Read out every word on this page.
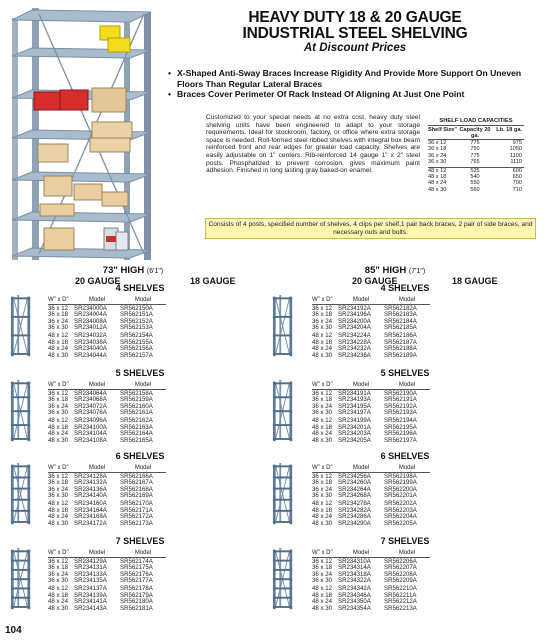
HEAVY DUTY 18 & 20 GAUGE
INDUSTRIAL STEEL SHELVING
At Discount Prices
• X-Shaped Anti-Sway Braces Increase Rigidity And Provide More Support On Uneven Floors Than Regular Lateral Braces
• Braces Cover Perimeter Of Rack Instead Of Aligning At Just One Point
Customized to your special needs at no extra cost, heavy duty steel shelving units have been engineered to adapt to your storage requirements. Ideal for stockroom, factory, or office where extra storage space is needed. Roll-formed steel ribbed shelves with integral box beam reinforced front and rear edges for greater load capacity. Shelves are easily adjustable on 1" centers. Rib-reinforced 14 gauge 1" x 2" steel posts. Phosphatized to prevent corrosion, gives maximum paint adhesion. Finished in long lasting gray baked-on enamel.
SHELF LOAD CAPACITIES
Shelf Size" Capacity 20 ga.
Lb. 18 ga.
36 x 12	775	975
36 x 18	750	1050
36 x 24	775	1100
36 x 30	765	1110
48 x 12	525	600
48 x 18	540	650
48 x 24	550	700
48 x 30	560	710
Consists of 4 posts, specified number of shelves, 4 clips per shelf,1 pair back braces, 2 pair of side braces, and necessary nuts and bolts.
73" HIGH (6'1")
20 GAUGE	18 GAUGE
85" HIGH (7'1")
20 GAUGE	18 GAUGE
4 SHELVES
W" x D"	Model	Model
36 x 12 SR234000A	SR562150A
36 x 18 SR234004A	SR562151A
36 x 24 SR234008A	SR562152A
36 x 30 SR234012A	SR562153A
48 x 12 SR234032A	SR562154A
48 x 18 SR234036A	SR562155A
48 x 24 SR234040A	SR562156A
48 x 30 SR234044A	SR562157A
5 SHELVES
W" x D"	Model	Model
36 x 12 SR234064A	SR562158A
36 x 18 SR234068A	SR562159A
36 x 24 SR234072A	SR562160A
36 x 30 SR234076A	SR562161A
48 x 12 SR234096A	SR562162A
48 x 18 SR234100A	SR562163A
48 x 24 SR234104A	SR562164A
48 x 30 SR234108A	SR562165A
6 SHELVES
W" x D"	Model	Model
36 x 12 SR234128A	SR562166A
36 x 18 SR234132A	SR562167A
36 x 24 SR234136A	SR562168A
36 x 30 SR234140A	SR562169A
48 x 12 SR234160A	SR562170A
48 x 18 SR234164A	SR562171A
48 x 24 SR234168A	SR562172A
48 x 30 SR234172A	SR562173A
7 SHELVES
W" x D"	Model	Model
36 x 12 SR234129A	SR562174A
36 x 18 SR234131A	SR562175A
36 x 24 SR234133A	SR562176A
36 x 30 SR234135A	SR562177A
48 x 12 SR234137A	SR562178A
48 x 18 SR234139A	SR562179A
48 x 24 SR234141A	SR562180A
48 x 30 SR234143A	SR562181A
4 SHELVES
W" x D"	Model	Model
36 x 12 SR234192A	SR562182A
36 x 18 SR234196A	SR562183A
36 x 24 SR234200A	SR562184A
36 x 30 SR234204A	SR562185A
48 x 12 SR234224A	SR562186A
48 x 18 SR234228A	SR562187A
48 x 24 SR234232A	SR562188A
48 x 30 SR234236A	SR562189A
5 SHELVES
W" x D"	Model	Model
36 x 12 SR234191A	SR562190A
36 x 18 SR234193A	SR562191A
36 x 24 SR234195A	SR562192A
36 x 30 SR234197A	SR562193A
48 x 12 SR234199A	SR562194A
48 x 18 SR234201A	SR562195A
48 x 24 SR234203A	SR562196A
48 x 30 SR234205A	SR562197A
6 SHELVES
W" x D"	Model	Model
36 x 12 SR234256A	SR562198A
36 x 18 SR234260A	SR562199A
36 x 24 SR234264A	SR562200A
36 x 30 SR234268A	SR562201A
48 x 12 SR234278A	SR562202A
48 x 18 SR234282A	SR562203A
48 x 24 SR234286A	SR562204A
48 x 30 SR234290A	SR562205A
7 SHELVES
W" x D"	Model	Model
36 x 12 SR234310A	SR562206A
36 x 18 SR234314A	SR562207A
36 x 24 SR234318A	SR562208A
36 x 30 SR234322A	SR562209A
48 x 12 SR234342A	SR562210A
48 x 18 SR234346A	SR562211A
48 x 24 SR234350A	SR562212A
48 x 30 SR234354A	SR562213A
104
